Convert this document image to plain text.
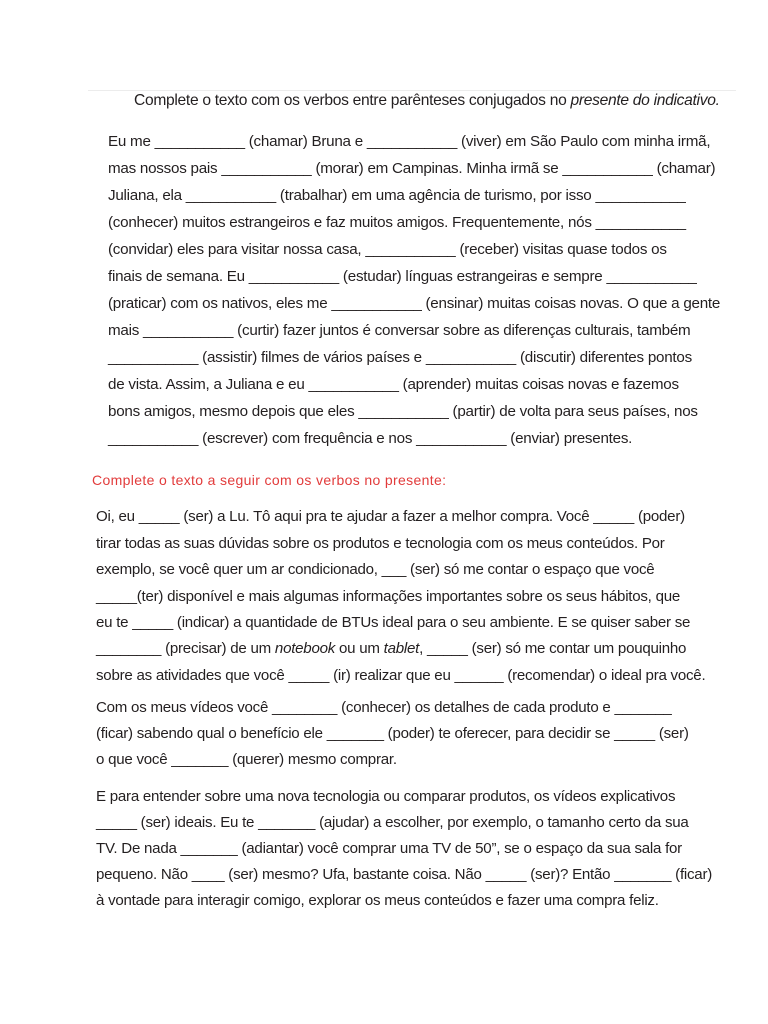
Complete o texto com os verbos entre parênteses conjugados no presente do indicativo.
Eu me ___________ (chamar) Bruna e ___________ (viver) em São Paulo com minha irmã,
mas nossos pais ___________ (morar) em Campinas. Minha irmã se ___________ (chamar)
Juliana, ela ___________ (trabalhar) em uma agência de turismo, por isso ___________
(conhecer) muitos estrangeiros e faz muitos amigos. Frequentemente, nós ___________
(convidar) eles para visitar nossa casa, ___________ (receber) visitas quase todos os
finais de semana. Eu ___________ (estudar) línguas estrangeiras e sempre ___________
(praticar) com os nativos, eles me ___________ (ensinar) muitas coisas novas. O que a gente
mais ___________ (curtir) fazer juntos é conversar sobre as diferenças culturais, também
___________ (assistir) filmes de vários países e ___________ (discutir) diferentes pontos
de vista. Assim, a Juliana e eu ___________ (aprender) muitas coisas novas e fazemos
bons amigos, mesmo depois que eles ___________ (partir) de volta para seus países, nos
___________ (escrever) com frequência e nos ___________ (enviar) presentes.
Complete o texto a seguir com os verbos no presente:
Oi, eu _____ (ser) a Lu. Tô aqui pra te ajudar a fazer a melhor compra. Você _____ (poder)
tirar todas as suas dúvidas sobre os produtos e tecnologia com os meus conteúdos. Por
exemplo, se você quer um ar condicionado, ___ (ser) só me contar o espaço que você
_____(ter) disponível e mais algumas informações importantes sobre os seus hábitos, que
eu te _____ (indicar) a quantidade de BTUs ideal para o seu ambiente. E se quiser saber se
________ (precisar) de um notebook ou um tablet, _____ (ser) só me contar um pouquinho
sobre as atividades que você _____ (ir) realizar que eu ______ (recomendar) o ideal pra você.
Com os meus vídeos você ________ (conhecer) os detalhes de cada produto e _______
(ficar) sabendo qual o benefício ele _______ (poder) te oferecer, para decidir se _____ (ser)
o que você _______ (querer) mesmo comprar.
E para entender sobre uma nova tecnologia ou comparar produtos, os vídeos explicativos
_____ (ser) ideais. Eu te _______ (ajudar) a escolher, por exemplo, o tamanho certo da sua
TV. De nada _______ (adiantar) você comprar uma TV de 50”, se o espaço da sua sala for
pequeno. Não ____ (ser) mesmo? Ufa, bastante coisa. Não _____ (ser)? Então _______ (ficar)
à vontade para interagir comigo, explorar os meus conteúdos e fazer uma compra feliz.
